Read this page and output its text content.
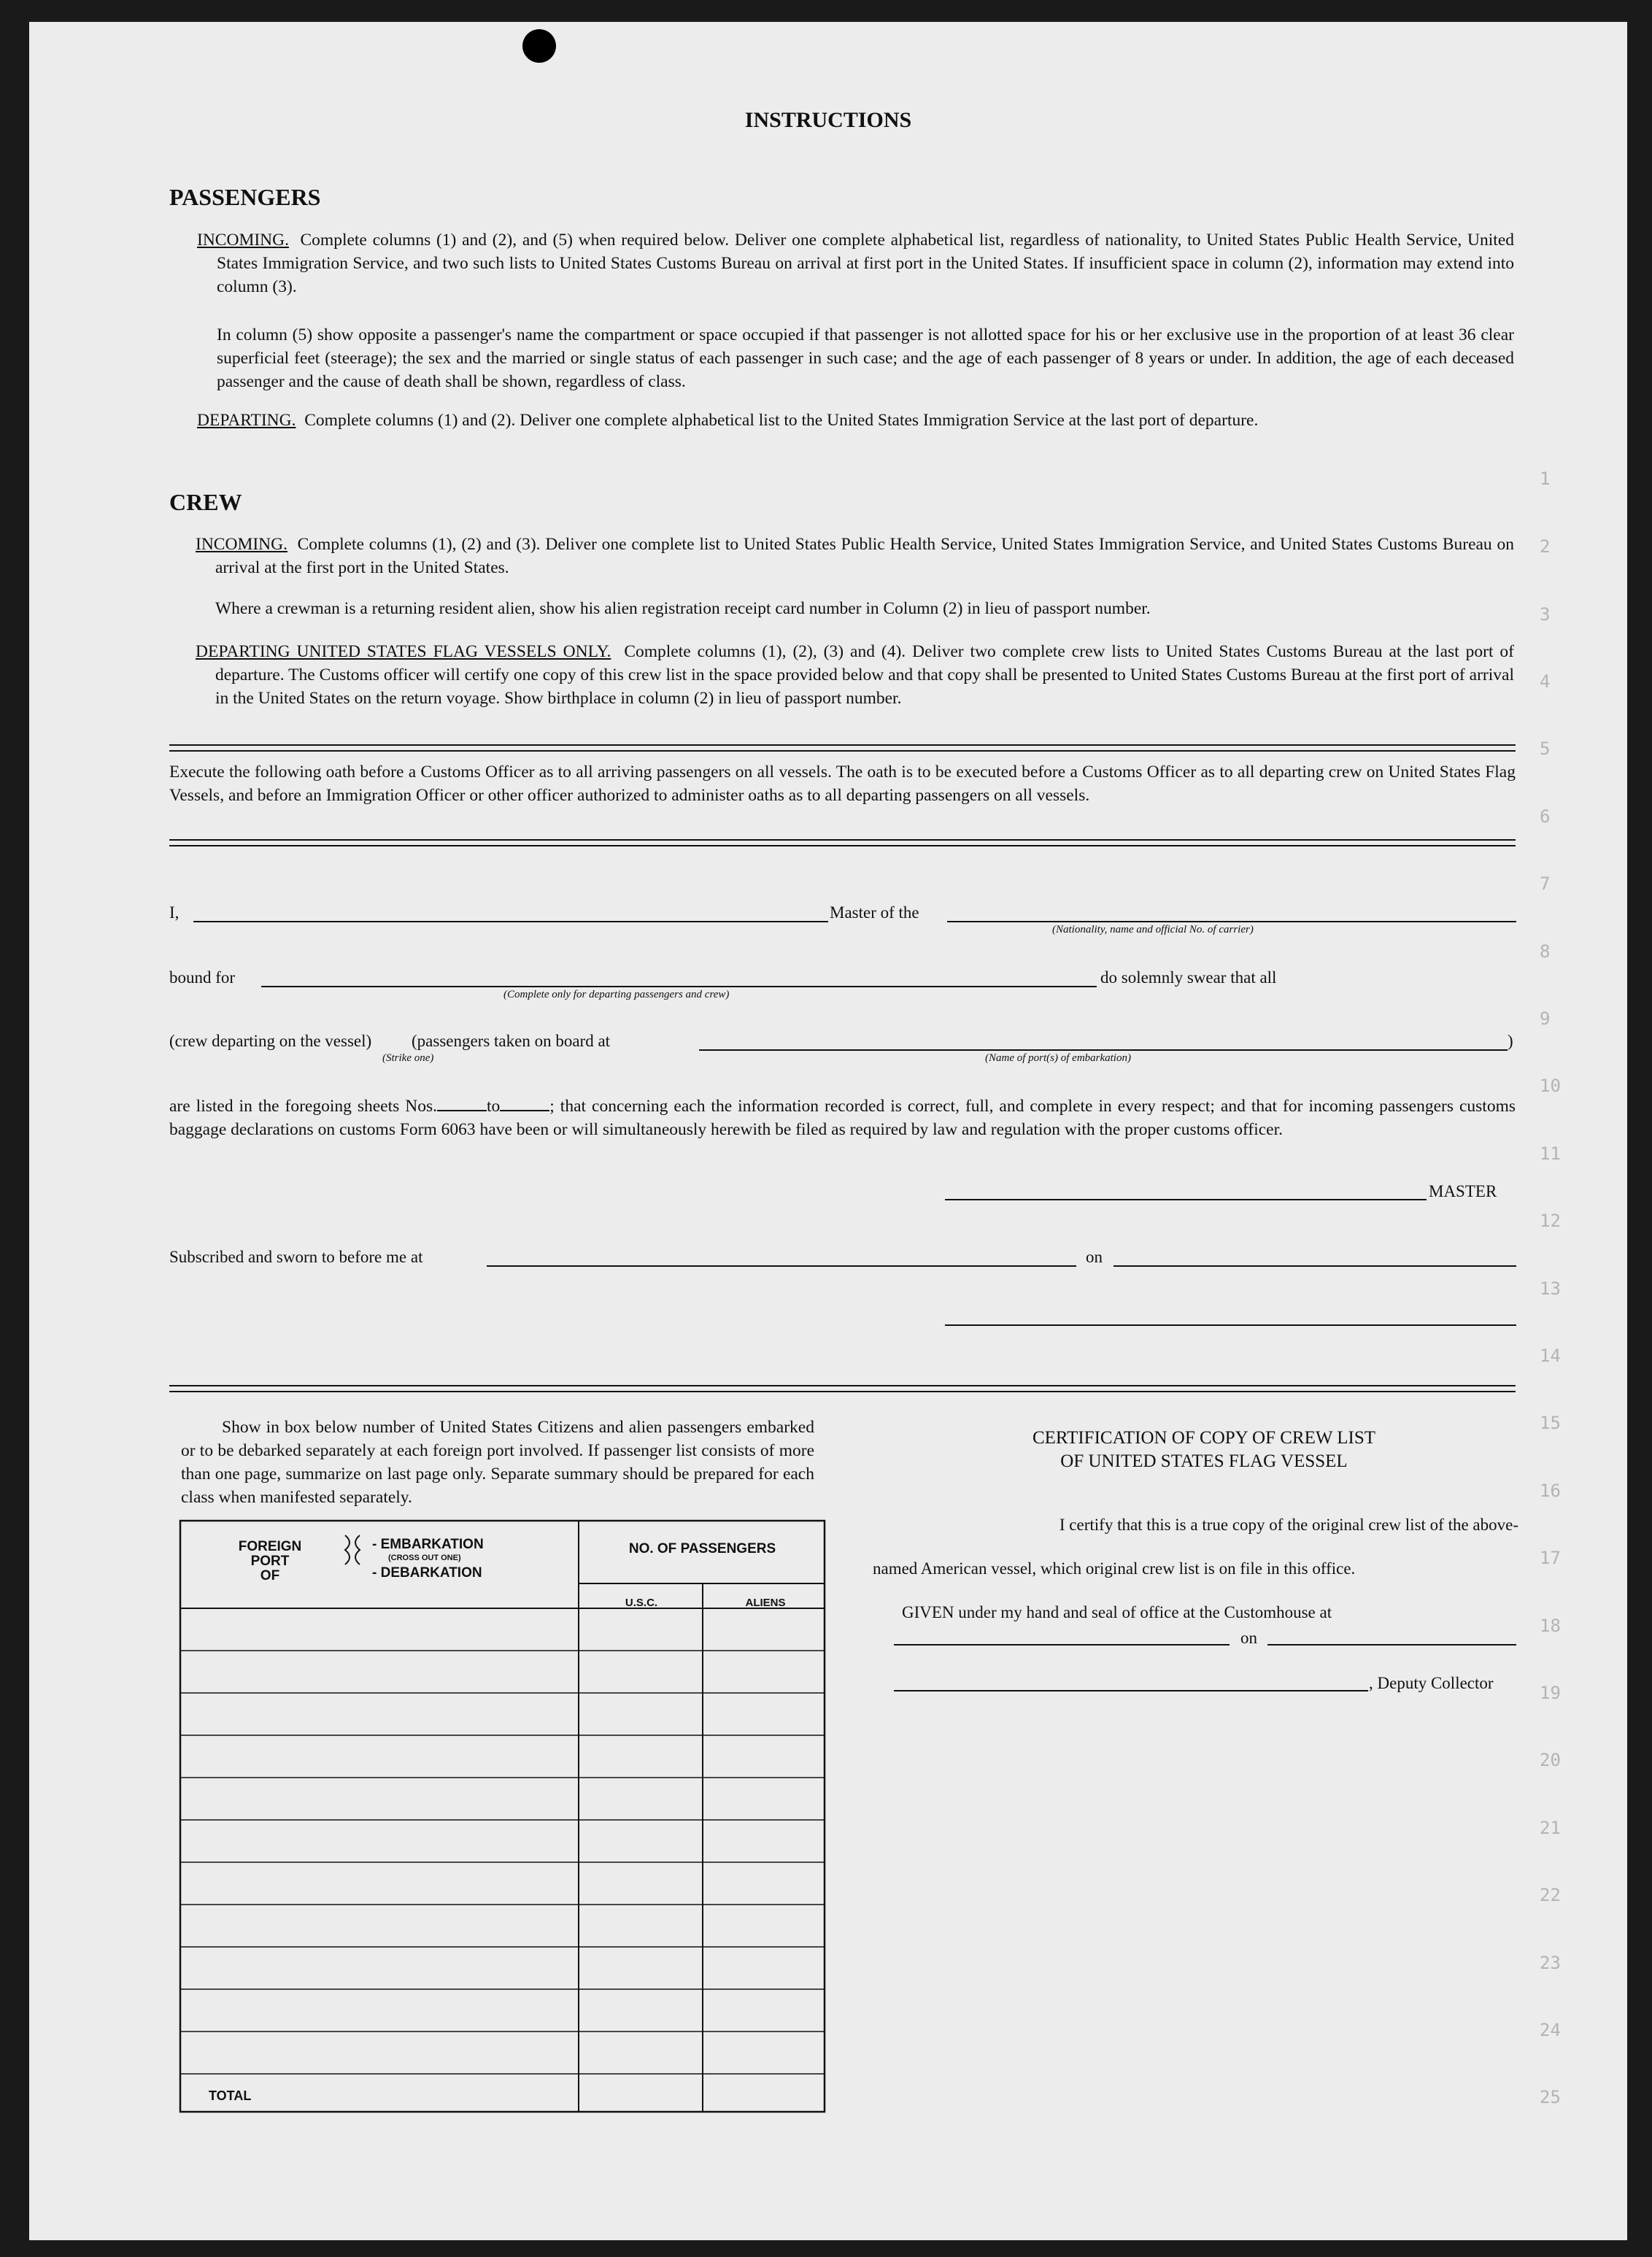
INSTRUCTIONS
PASSENGERS
INCOMING. Complete columns (1) and (2), and (5) when required below. Deliver one complete alphabetical list, regardless of nationality, to United States Public Health Service, United States Immigration Service, and two such lists to United States Customs Bureau on arrival at first port in the United States. If insufficient space in column (2), information may extend into column (3).
In column (5) show opposite a passenger's name the compartment or space occupied if that passenger is not allotted space for his or her exclusive use in the proportion of at least 36 clear superficial feet (steerage); the sex and the married or single status of each passenger in such case; and the age of each passenger of 8 years or under. In addition, the age of each deceased passenger and the cause of death shall be shown, regardless of class.
DEPARTING. Complete columns (1) and (2). Deliver one complete alphabetical list to the United States Immigration Service at the last port of departure.
CREW
INCOMING. Complete columns (1), (2) and (3). Deliver one complete list to United States Public Health Service, United States Immigration Service, and United States Customs Bureau on arrival at the first port in the United States.
Where a crewman is a returning resident alien, show his alien registration receipt card number in Column (2) in lieu of passport number.
DEPARTING UNITED STATES FLAG VESSELS ONLY. Complete columns (1), (2), (3) and (4). Deliver two complete crew lists to United States Customs Bureau at the last port of departure. The Customs officer will certify one copy of this crew list in the space provided below and that copy shall be presented to United States Customs Bureau at the first port of arrival in the United States on the return voyage. Show birthplace in column (2) in lieu of passport number.
Execute the following oath before a Customs Officer as to all arriving passengers on all vessels. The oath is to be executed before a Customs Officer as to all departing crew on United States Flag Vessels, and before an Immigration Officer or other officer authorized to administer oaths as to all departing passengers on all vessels.
I,	Master of the
(Nationality, name and official No. of carrier)
bound for	do solemnly swear that all
(Complete only for departing passengers and crew)
(crew departing on the vessel) (passengers taken on board at	)
(Strike one)	(Name of port(s) of embarkation)
are listed in the foregoing sheets Nos.	to	; that concerning each the information recorded is correct, full, and complete in every respect; and that for incoming passengers customs baggage declarations on customs Form 6063 have been or will simultaneously herewith be filed as required by law and regulation with the proper customs officer.
MASTER
Subscribed and sworn to before me at	on
Show in box below number of United States Citizens and alien passengers embarked or to be debarked separately at each foreign port involved. If passenger list consists of more than one page, summarize on last page only. Separate summary should be prepared for each class when manifested separately.
FOREIGN
PORT
OF
- EMBARKATION
(CROSS OUT ONE)
- DEBARKATION
NO. OF PASSENGERS
U.S.C.	ALIENS
TOTAL
CERTIFICATION OF COPY OF CREW LIST
OF UNITED STATES FLAG VESSEL
I certify that this is a true copy of the original crew list of the above-
named American vessel, which original crew list is on file in this office.
GIVEN under my hand and seal of office at the Customhouse at
on
, Deputy Collector
1
2
3
4
5
6
7
8
9
10
11
12
13
14
15
16
17
18
19
20
21
22
23
24
25
